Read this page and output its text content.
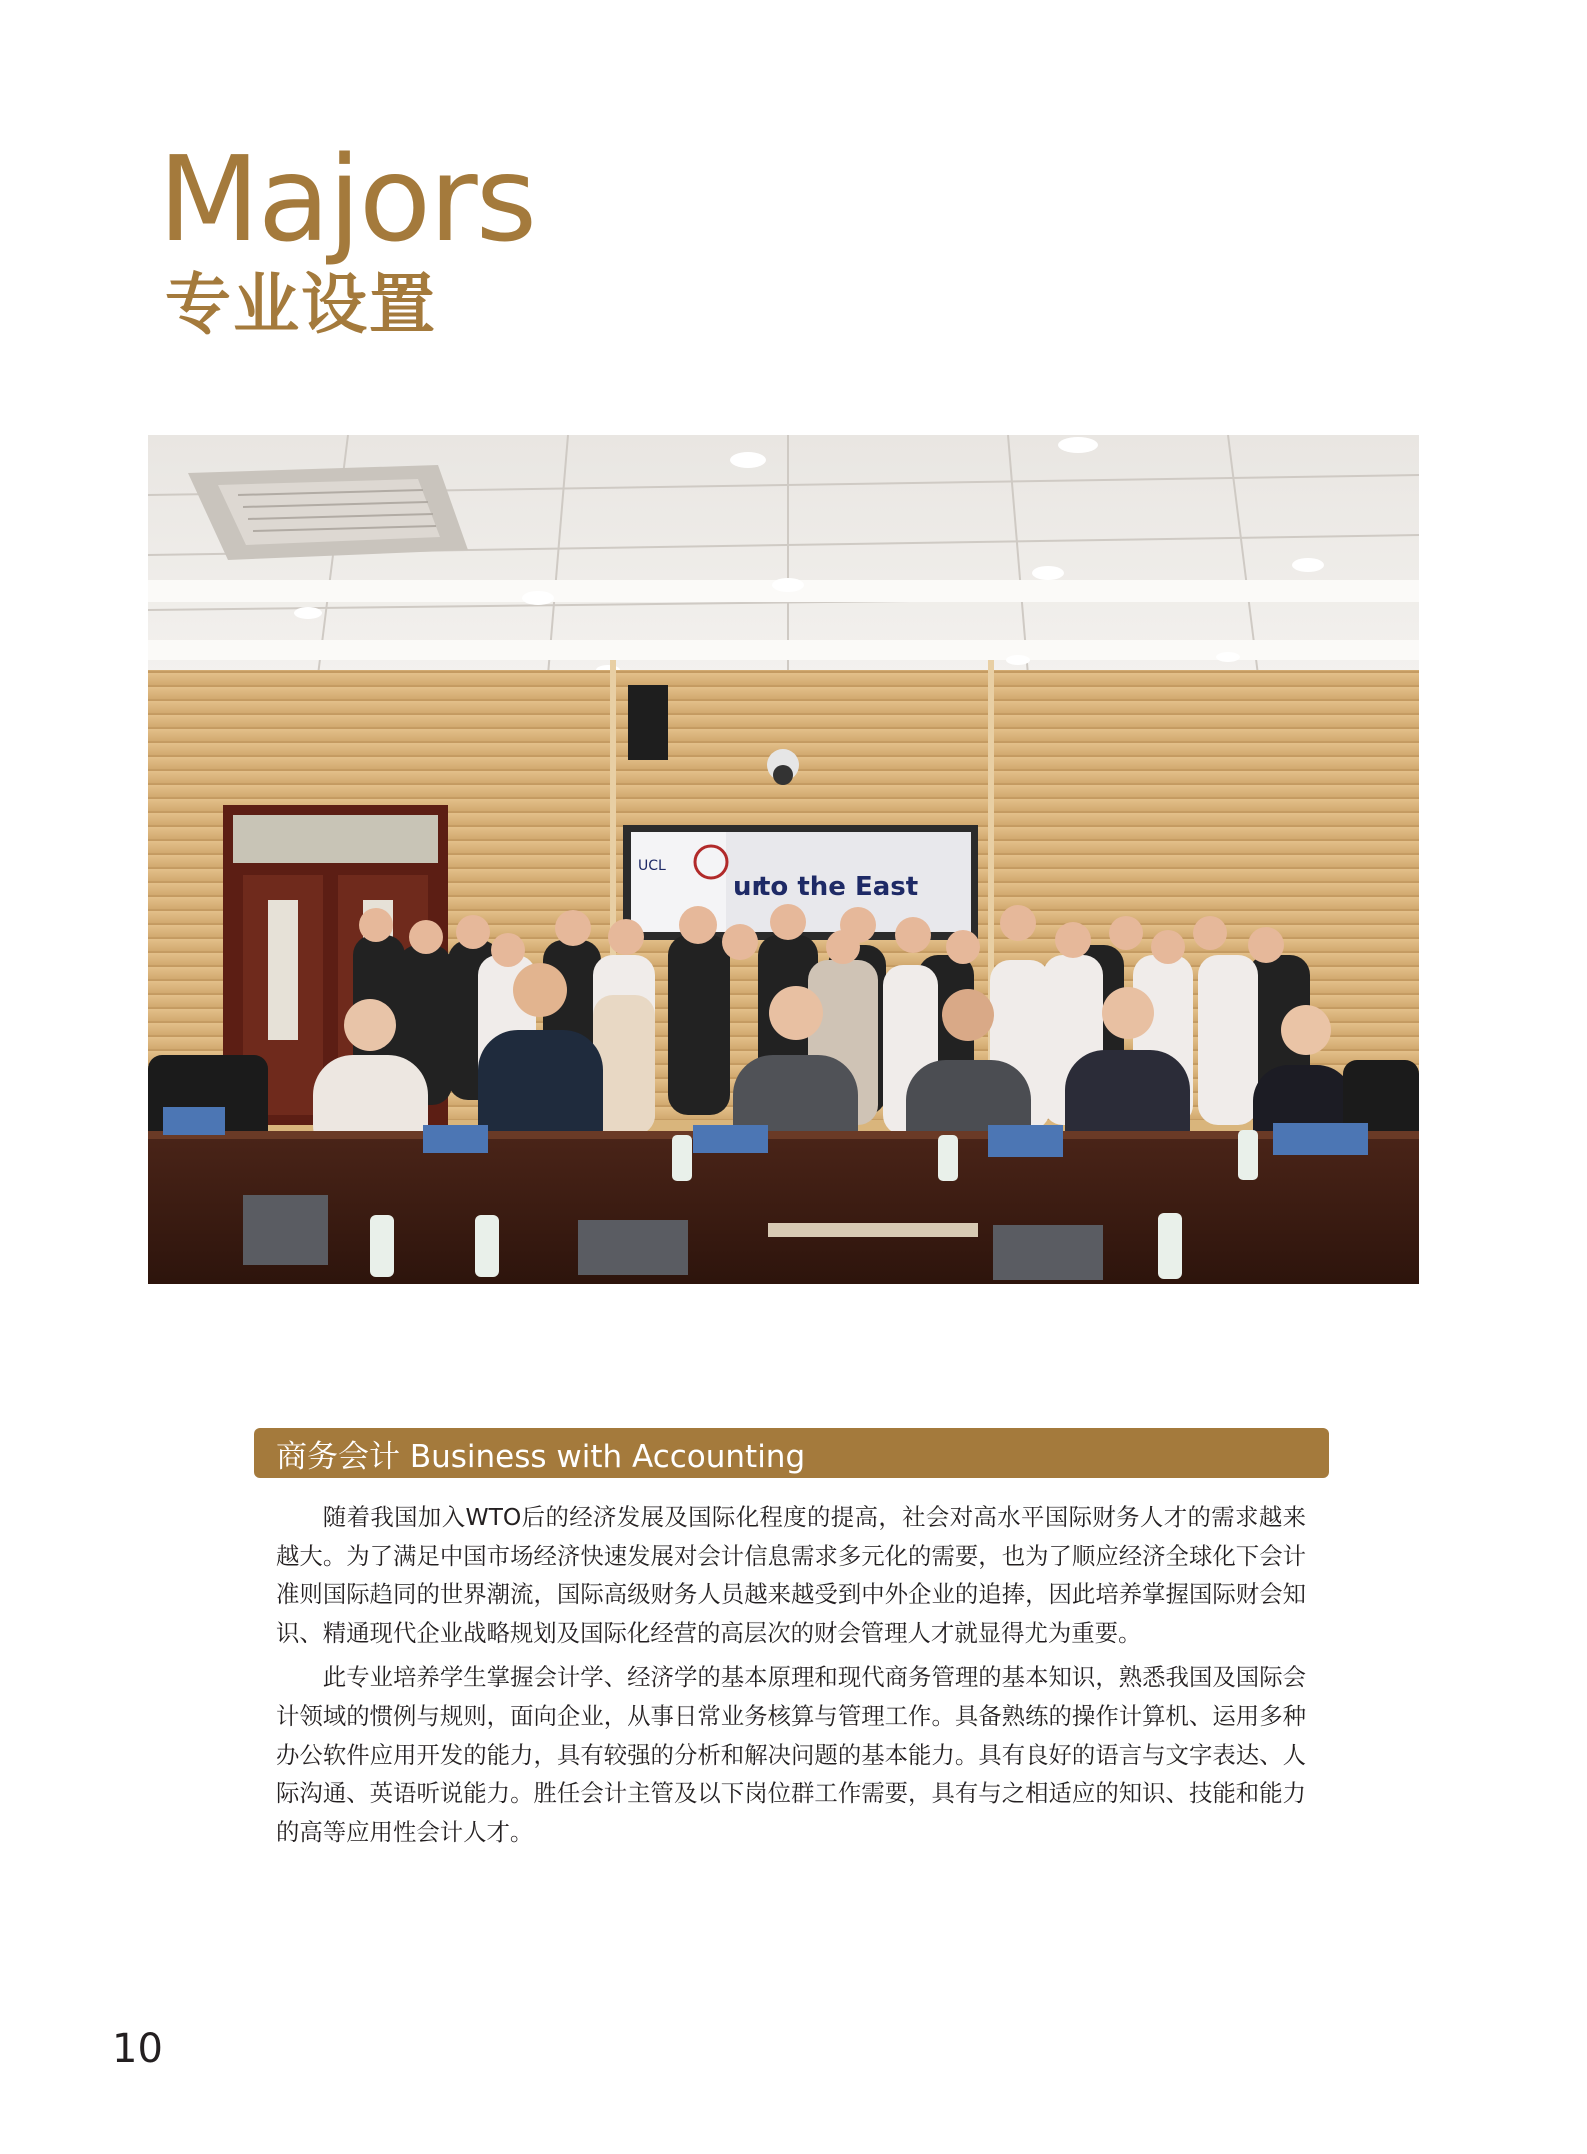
Majors
专业设置
UCL
to the East
ur
商务会计 Business with Accounting

随着我国加入WTO后的经济发展及国际化程度的提高，社会对高水平国际财务人才的需求越来越大。为了满足中国市场经济快速发展对会计信息需求多元化的需要，也为了顺应经济全球化下会计准则国际趋同的世界潮流，国际高级财务人员越来越受到中外企业的追捧，因此培养掌握国际财会知识、精通现代企业战略规划及国际化经营的高层次的财会管理人才就显得尤为重要。

此专业培养学生掌握会计学、经济学的基本原理和现代商务管理的基本知识，熟悉我国及国际会计领域的惯例与规则，面向企业，从事日常业务核算与管理工作。具备熟练的操作计算机、运用多种办公软件应用开发的能力，具有较强的分析和解决问题的基本能力。具有良好的语言与文字表达、人际沟通、英语听说能力。胜任会计主管及以下岗位群工作需要，具有与之相适应的知识、技能和能力的高等应用性会计人才。

10
